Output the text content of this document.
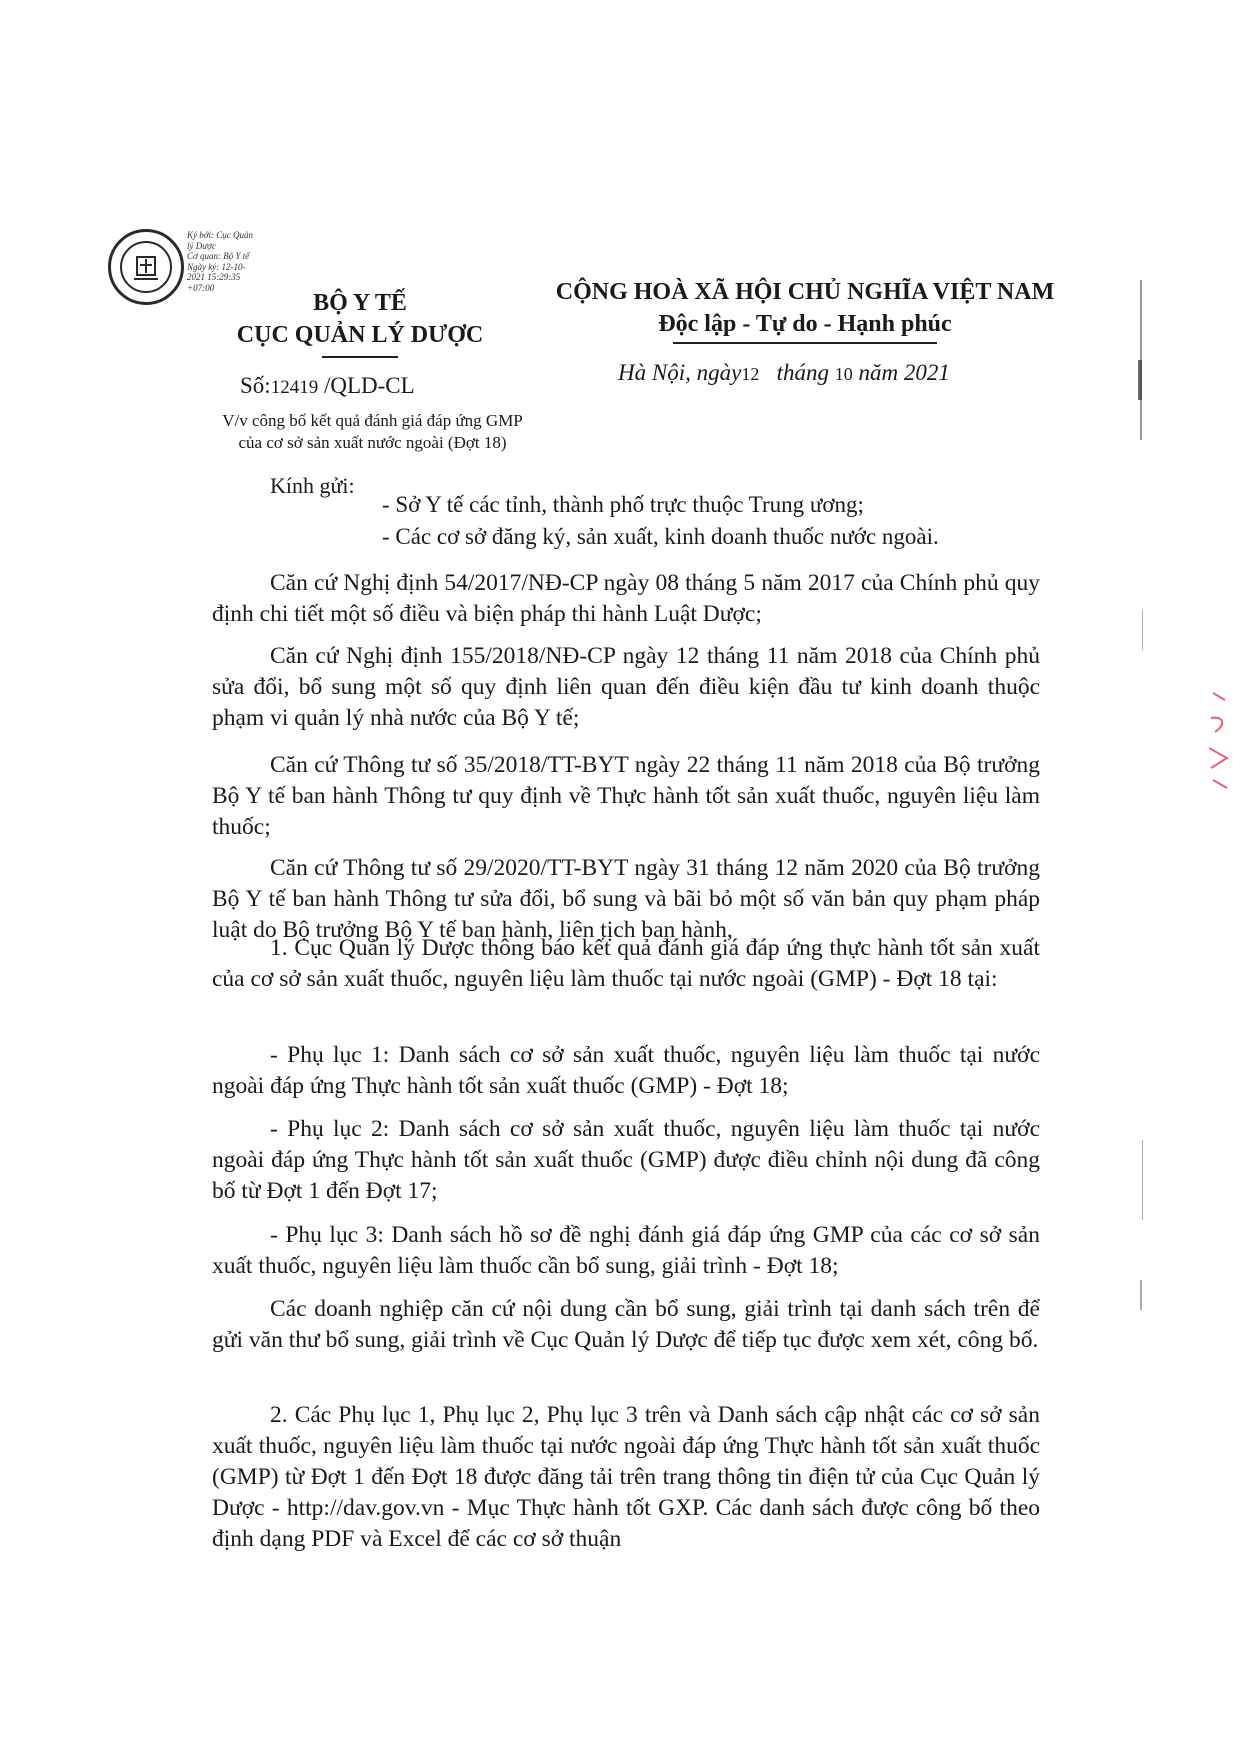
Ký bởi: Cục Quản
lý Dược
Cơ quan: Bộ Y tế
Ngày ký: 12-10-
2021 15:29:35
+07:00
BỘ Y TẾ
CỤC QUẢN LÝ DƯỢC
CỘNG HOÀ XÃ HỘI CHỦ NGHĨA VIỆT NAM
Độc lập - Tự do - Hạnh phúc
Số:12419 /QLD-CL
Hà Nội, ngày12 tháng 10 năm 2021
V/v công bố kết quả đánh giá đáp ứng GMP
của cơ sở sản xuất nước ngoài (Đợt 18)
Kính gửi:
- Sở Y tế các tỉnh, thành phố trực thuộc Trung ương;
- Các cơ sở đăng ký, sản xuất, kinh doanh thuốc nước ngoài.

Căn cứ Nghị định 54/2017/NĐ-CP ngày 08 tháng 5 năm 2017 của Chính phủ quy định chi tiết một số điều và biện pháp thi hành Luật Dược;

Căn cứ Nghị định 155/2018/NĐ-CP ngày 12 tháng 11 năm 2018 của Chính phủ sửa đổi, bổ sung một số quy định liên quan đến điều kiện đầu tư kinh doanh thuộc phạm vi quản lý nhà nước của Bộ Y tế;

Căn cứ Thông tư số 35/2018/TT-BYT ngày 22 tháng 11 năm 2018 của Bộ trưởng Bộ Y tế ban hành Thông tư quy định về Thực hành tốt sản xuất thuốc, nguyên liệu làm thuốc;

Căn cứ Thông tư số 29/2020/TT-BYT ngày 31 tháng 12 năm 2020 của Bộ trưởng Bộ Y tế ban hành Thông tư sửa đổi, bổ sung và bãi bỏ một số văn bản quy phạm pháp luật do Bộ trưởng Bộ Y tế ban hành, liên tịch ban hành,

1. Cục Quản lý Dược thông báo kết quả đánh giá đáp ứng thực hành tốt sản xuất của cơ sở sản xuất thuốc, nguyên liệu làm thuốc tại nước ngoài (GMP) - Đợt 18 tại:

- Phụ lục 1: Danh sách cơ sở sản xuất thuốc, nguyên liệu làm thuốc tại nước ngoài đáp ứng Thực hành tốt sản xuất thuốc (GMP) - Đợt 18;

- Phụ lục 2: Danh sách cơ sở sản xuất thuốc, nguyên liệu làm thuốc tại nước ngoài đáp ứng Thực hành tốt sản xuất thuốc (GMP) được điều chỉnh nội dung đã công bố từ Đợt 1 đến Đợt 17;

- Phụ lục 3: Danh sách hồ sơ đề nghị đánh giá đáp ứng GMP của các cơ sở sản xuất thuốc, nguyên liệu làm thuốc cần bổ sung, giải trình - Đợt 18;

Các doanh nghiệp căn cứ nội dung cần bổ sung, giải trình tại danh sách trên để gửi văn thư bổ sung, giải trình về Cục Quản lý Dược để tiếp tục được xem xét, công bố.

2. Các Phụ lục 1, Phụ lục 2, Phụ lục 3 trên và Danh sách cập nhật các cơ sở sản xuất thuốc, nguyên liệu làm thuốc tại nước ngoài đáp ứng Thực hành tốt sản xuất thuốc (GMP) từ Đợt 1 đến Đợt 18 được đăng tải trên trang thông tin điện tử của Cục Quản lý Dược - http://dav.gov.vn - Mục Thực hành tốt GXP. Các danh sách được công bố theo định dạng PDF và Excel để các cơ sở thuận
